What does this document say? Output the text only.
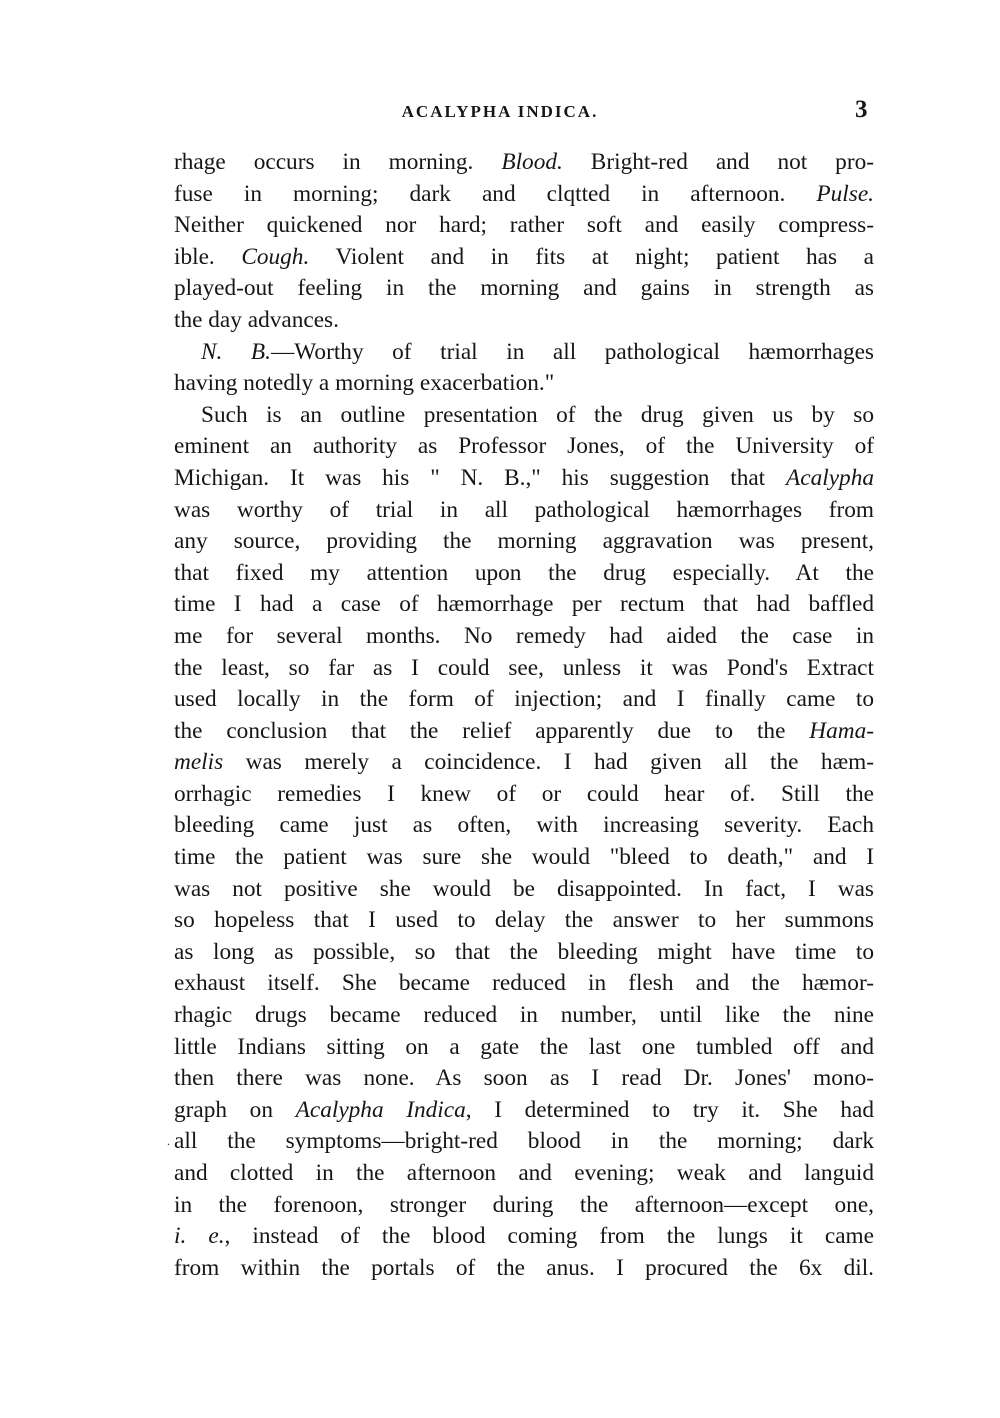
ACALYPHA INDICA.	3
rhage occurs in morning. Blood. Bright-red and not pro-
fuse in morning; dark and clqtted in afternoon. Pulse.
Neither quickened nor hard; rather soft and easily compress-
ible. Cough. Violent and in fits at night; patient has a
played-out feeling in the morning and gains in strength as
the day advances.
N. B.—Worthy of trial in all pathological hæmorrhages
having notedly a morning exacerbation."
Such is an outline presentation of the drug given us by so
eminent an authority as Professor Jones, of the University of
Michigan. It was his " N. B.," his suggestion that Acalypha
was worthy of trial in all pathological hæmorrhages from
any source, providing the morning aggravation was present,
that fixed my attention upon the drug especially. At the
time I had a case of hæmorrhage per rectum that had baffled
me for several months. No remedy had aided the case in
the least, so far as I could see, unless it was Pond's Extract
used locally in the form of injection; and I finally came to
the conclusion that the relief apparently due to the Hama-
melis was merely a coincidence. I had given all the hæm-
orrhagic remedies I knew of or could hear of. Still the
bleeding came just as often, with increasing severity. Each
time the patient was sure she would "bleed to death," and I
was not positive she would be disappointed. In fact, I was
so hopeless that I used to delay the answer to her summons
as long as possible, so that the bleeding might have time to
exhaust itself. She became reduced in flesh and the hæmor-
rhagic drugs became reduced in number, until like the nine
little Indians sitting on a gate the last one tumbled off and
then there was none. As soon as I read Dr. Jones' mono-
graph on Acalypha Indica, I determined to try it. She had
. all the symptoms—bright-red blood in the morning; dark
and clotted in the afternoon and evening; weak and languid
in the forenoon, stronger during the afternoon—except one,
i. e., instead of the blood coming from the lungs it came
from within the portals of the anus. I procured the 6x dil.
